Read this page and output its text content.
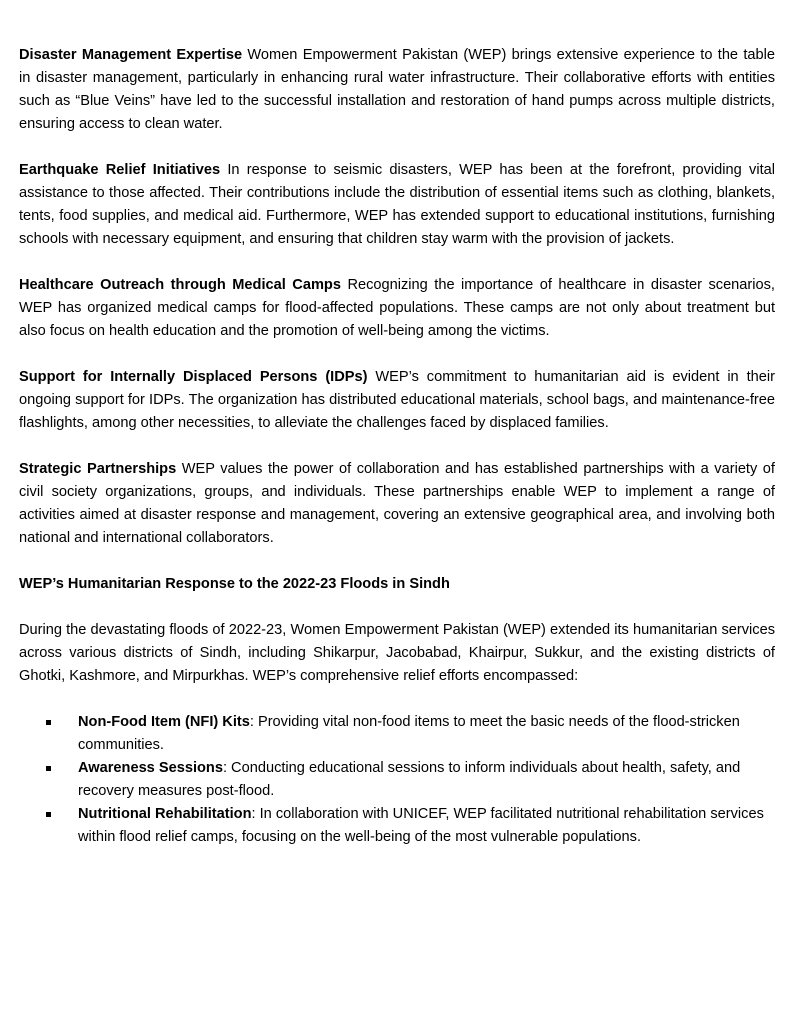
Disaster Management Expertise Women Empowerment Pakistan (WEP) brings extensive experience to the table in disaster management, particularly in enhancing rural water infrastructure. Their collaborative efforts with entities such as “Blue Veins” have led to the successful installation and restoration of hand pumps across multiple districts, ensuring access to clean water.

Earthquake Relief Initiatives In response to seismic disasters, WEP has been at the forefront, providing vital assistance to those affected. Their contributions include the distribution of essential items such as clothing, blankets, tents, food supplies, and medical aid. Furthermore, WEP has extended support to educational institutions, furnishing schools with necessary equipment, and ensuring that children stay warm with the provision of jackets.

Healthcare Outreach through Medical Camps Recognizing the importance of healthcare in disaster scenarios, WEP has organized medical camps for flood-affected populations. These camps are not only about treatment but also focus on health education and the promotion of well-being among the victims.

Support for Internally Displaced Persons (IDPs) WEP’s commitment to humanitarian aid is evident in their ongoing support for IDPs. The organization has distributed educational materials, school bags, and maintenance-free flashlights, among other necessities, to alleviate the challenges faced by displaced families.

Strategic Partnerships WEP values the power of collaboration and has established partnerships with a variety of civil society organizations, groups, and individuals. These partnerships enable WEP to implement a range of activities aimed at disaster response and management, covering an extensive geographical area, and involving both national and international collaborators.

WEP’s Humanitarian Response to the 2022-23 Floods in Sindh

During the devastating floods of 2022-23, Women Empowerment Pakistan (WEP) extended its humanitarian services across various districts of Sindh, including Shikarpur, Jacobabad, Khairpur, Sukkur, and the existing districts of Ghotki, Kashmore, and Mirpurkhas. WEP’s comprehensive relief efforts encompassed:

Non-Food Item (NFI) Kits: Providing vital non-food items to meet the basic needs of the flood-stricken communities.
Awareness Sessions: Conducting educational sessions to inform individuals about health, safety, and recovery measures post-flood.
Nutritional Rehabilitation: In collaboration with UNICEF, WEP facilitated nutritional rehabilitation services within flood relief camps, focusing on the well-being of the most vulnerable populations.
